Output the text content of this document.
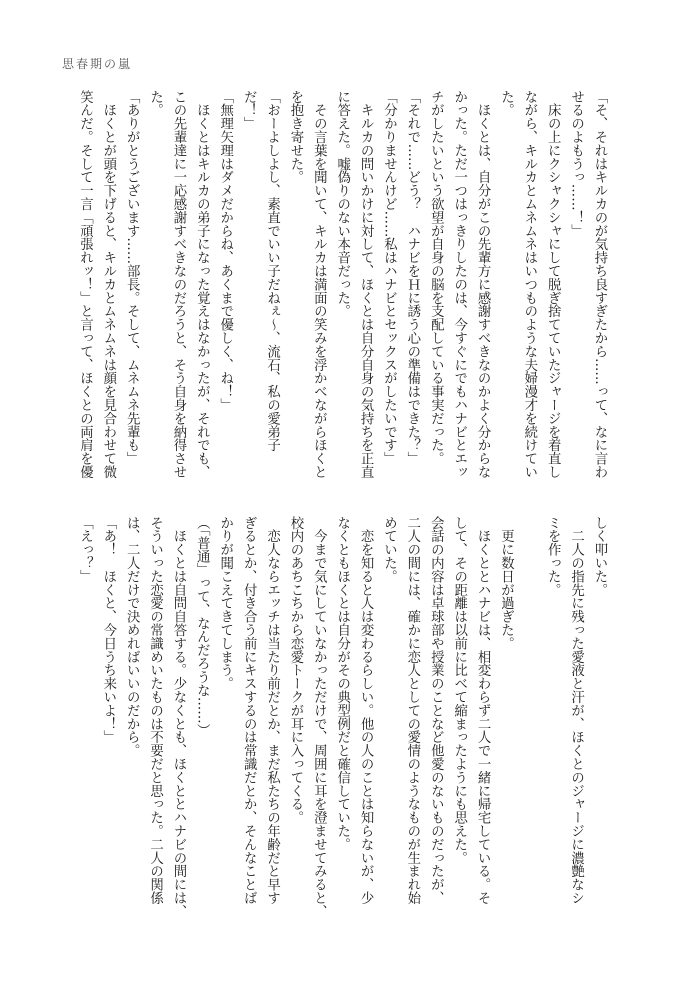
思春期の嵐
「そ、それはキルカのが気持ち良すぎたから……って、なに言わ
せるのよもうっ……！」
　床の上にクシャクシャにして脱ぎ捨てていたジャージを着直し
ながら、キルカとムネムネはいつものような夫婦漫才を続けてい
た。
　ほくとは、自分がこの先輩方に感謝すべきなのかよく分からな
かった。ただ一つはっきりしたのは、今すぐにでもハナビとエッ
チがしたいという欲望が自身の脳を支配している事実だった。
「それで……どう？　ハナビをＨに誘う心の準備はできた？」
「分かりませんけど……私はハナビとセックスがしたいです」
　キルカの問いかけに対して、ほくとは自分自身の気持ちを正直
に答えた。嘘偽りのない本音だった。
　その言葉を聞いて、キルカは満面の笑みを浮かべながらほくと
を抱き寄せた。
「おーよしよし、素直でいい子だねぇ～、流石、私の愛弟子
だ！」
「無理矢理はダメだからね、あくまで優しく、ね！」
　ほくとはキルカの弟子になった覚えはなかったが、それでも、
この先輩達に一応感謝すべきなのだろうと、そう自身を納得させ
た。
「ありがとうございます……部長。そして、ムネムネ先輩も」
　ほくとが頭を下げると、キルカとムネムネは顔を見合わせて微
笑んだ。そして一言「頑張れッ！」と言って、ほくとの両肩を優
しく叩いた。
　二人の指先に残った愛液と汗が、ほくとのジャージに濃艶なシ
ミを作った。
　更に数日が過ぎた。
　ほくととハナビは、相変わらず二人で一緒に帰宅している。そ
して、その距離は以前に比べて縮まったようにも思えた。
会話の内容は卓球部や授業のことなど他愛のないものだったが、
二人の間には、確かに恋人としての愛情のようなものが生まれ始
めていた。
　恋を知ると人は変わるらしい。他の人のことは知らないが、少
なくともほくとは自分がその典型例だと確信していた。
　今まで気にしていなかっただけで、周囲に耳を澄ませてみると、
校内のあちこちから恋愛トークが耳に入ってくる。
　恋人ならエッチは当たり前だとか、まだ私たちの年齢だと早す
ぎるとか、付き合う前にキスするのは常識だとか、そんなことば
かりが聞こえてきてしまう。
（「普通」って、なんだろうな……）
　ほくとは自問自答する。少なくとも、ほくととハナビの間には、
そういった恋愛の常識めいたものは不要だと思った。二人の関係
は、二人だけで決めればいいのだから。
「あ！　ほくと、今日うち来いよ！」
「えっ？」
